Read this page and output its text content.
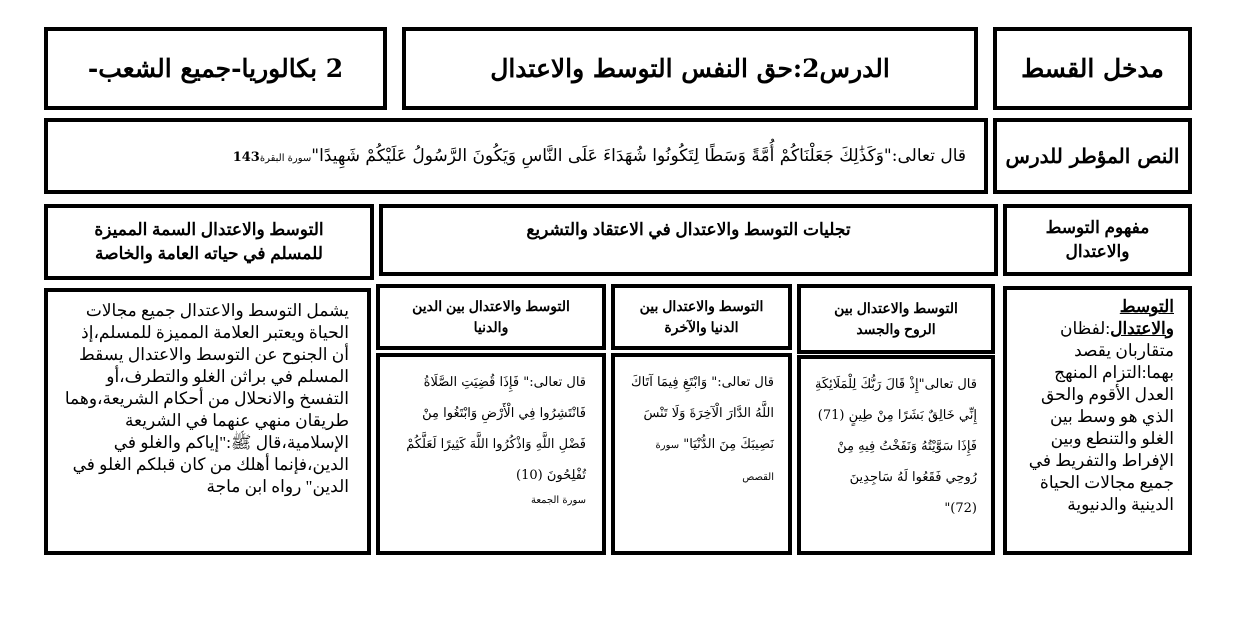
مدخل القسط
الدرس2:حق النفس التوسط والاعتدال
2 بكالوريا-جميع الشعب-
النص المؤطر للدرس
قال تعالى:"وَكَذَٰلِكَ جَعَلْنَاكُمْ أُمَّةً وَسَطًا لِتَكُونُوا شُهَدَاءَ عَلَى النَّاسِ وَيَكُونَ الرَّسُولُ عَلَيْكُمْ شَهِيدًا"سورة البقرة143
مفهوم التوسط والاعتدال
تجليات التوسط والاعتدال في الاعتقاد والتشريع
التوسط والاعتدال السمة المميزة للمسلم في حياته العامة والخاصة
التوسط والاعتدال بين الروح والجسد
التوسط والاعتدال بين الدنيا والآخرة
التوسط والاعتدال بين الدين والدنيا
التوسط والاعتدال:لفظان متقاربان يقصد بهما:التزام المنهج العدل الأقوم والحق الذي هو وسط بين الغلو والتنطع وبين الإفراط والتفريط في جميع مجالات الحياة الدينية والدنيوية
قال تعالى"إِذْ قَالَ رَبُّكَ لِلْمَلَائِكَةِ إِنِّي خَالِقٌ بَشَرًا مِنْ طِينٍ (71) فَإِذَا سَوَّيْتُهُ وَنَفَخْتُ فِيهِ مِنْ رُوحِي فَقَعُوا لَهُ سَاجِدِينَ (72)"
قال تعالى:" وَابْتَغِ فِيمَا آتَاكَ اللَّهُ الدَّارَ الْآخِرَةَ وَلَا تَنْسَ نَصِيبَكَ مِنَ الدُّنْيَا" سورة القصص
قال تعالى:" فَإِذَا قُضِيَتِ الصَّلَاةُ فَانْتَشِرُوا فِي الْأَرْضِ وَابْتَغُوا مِنْ فَضْلِ اللَّهِ وَاذْكُرُوا اللَّهَ كَثِيرًا لَعَلَّكُمْ تُفْلِحُونَ (10)
سورة الجمعة
يشمل التوسط والاعتدال جميع مجالات الحياة ويعتبر العلامة المميزة للمسلم،إذ أن الجنوح عن التوسط والاعتدال يسقط المسلم في براثن الغلو والتطرف،أو التفسخ والانحلال من أحكام الشريعة،وهما طريقان منهي عنهما في الشريعة الإسلامية،قال ﷺ:"إياكم والغلو في الدين،فإنما أهلك من كان قبلكم الغلو في الدين" رواه ابن ماجة
